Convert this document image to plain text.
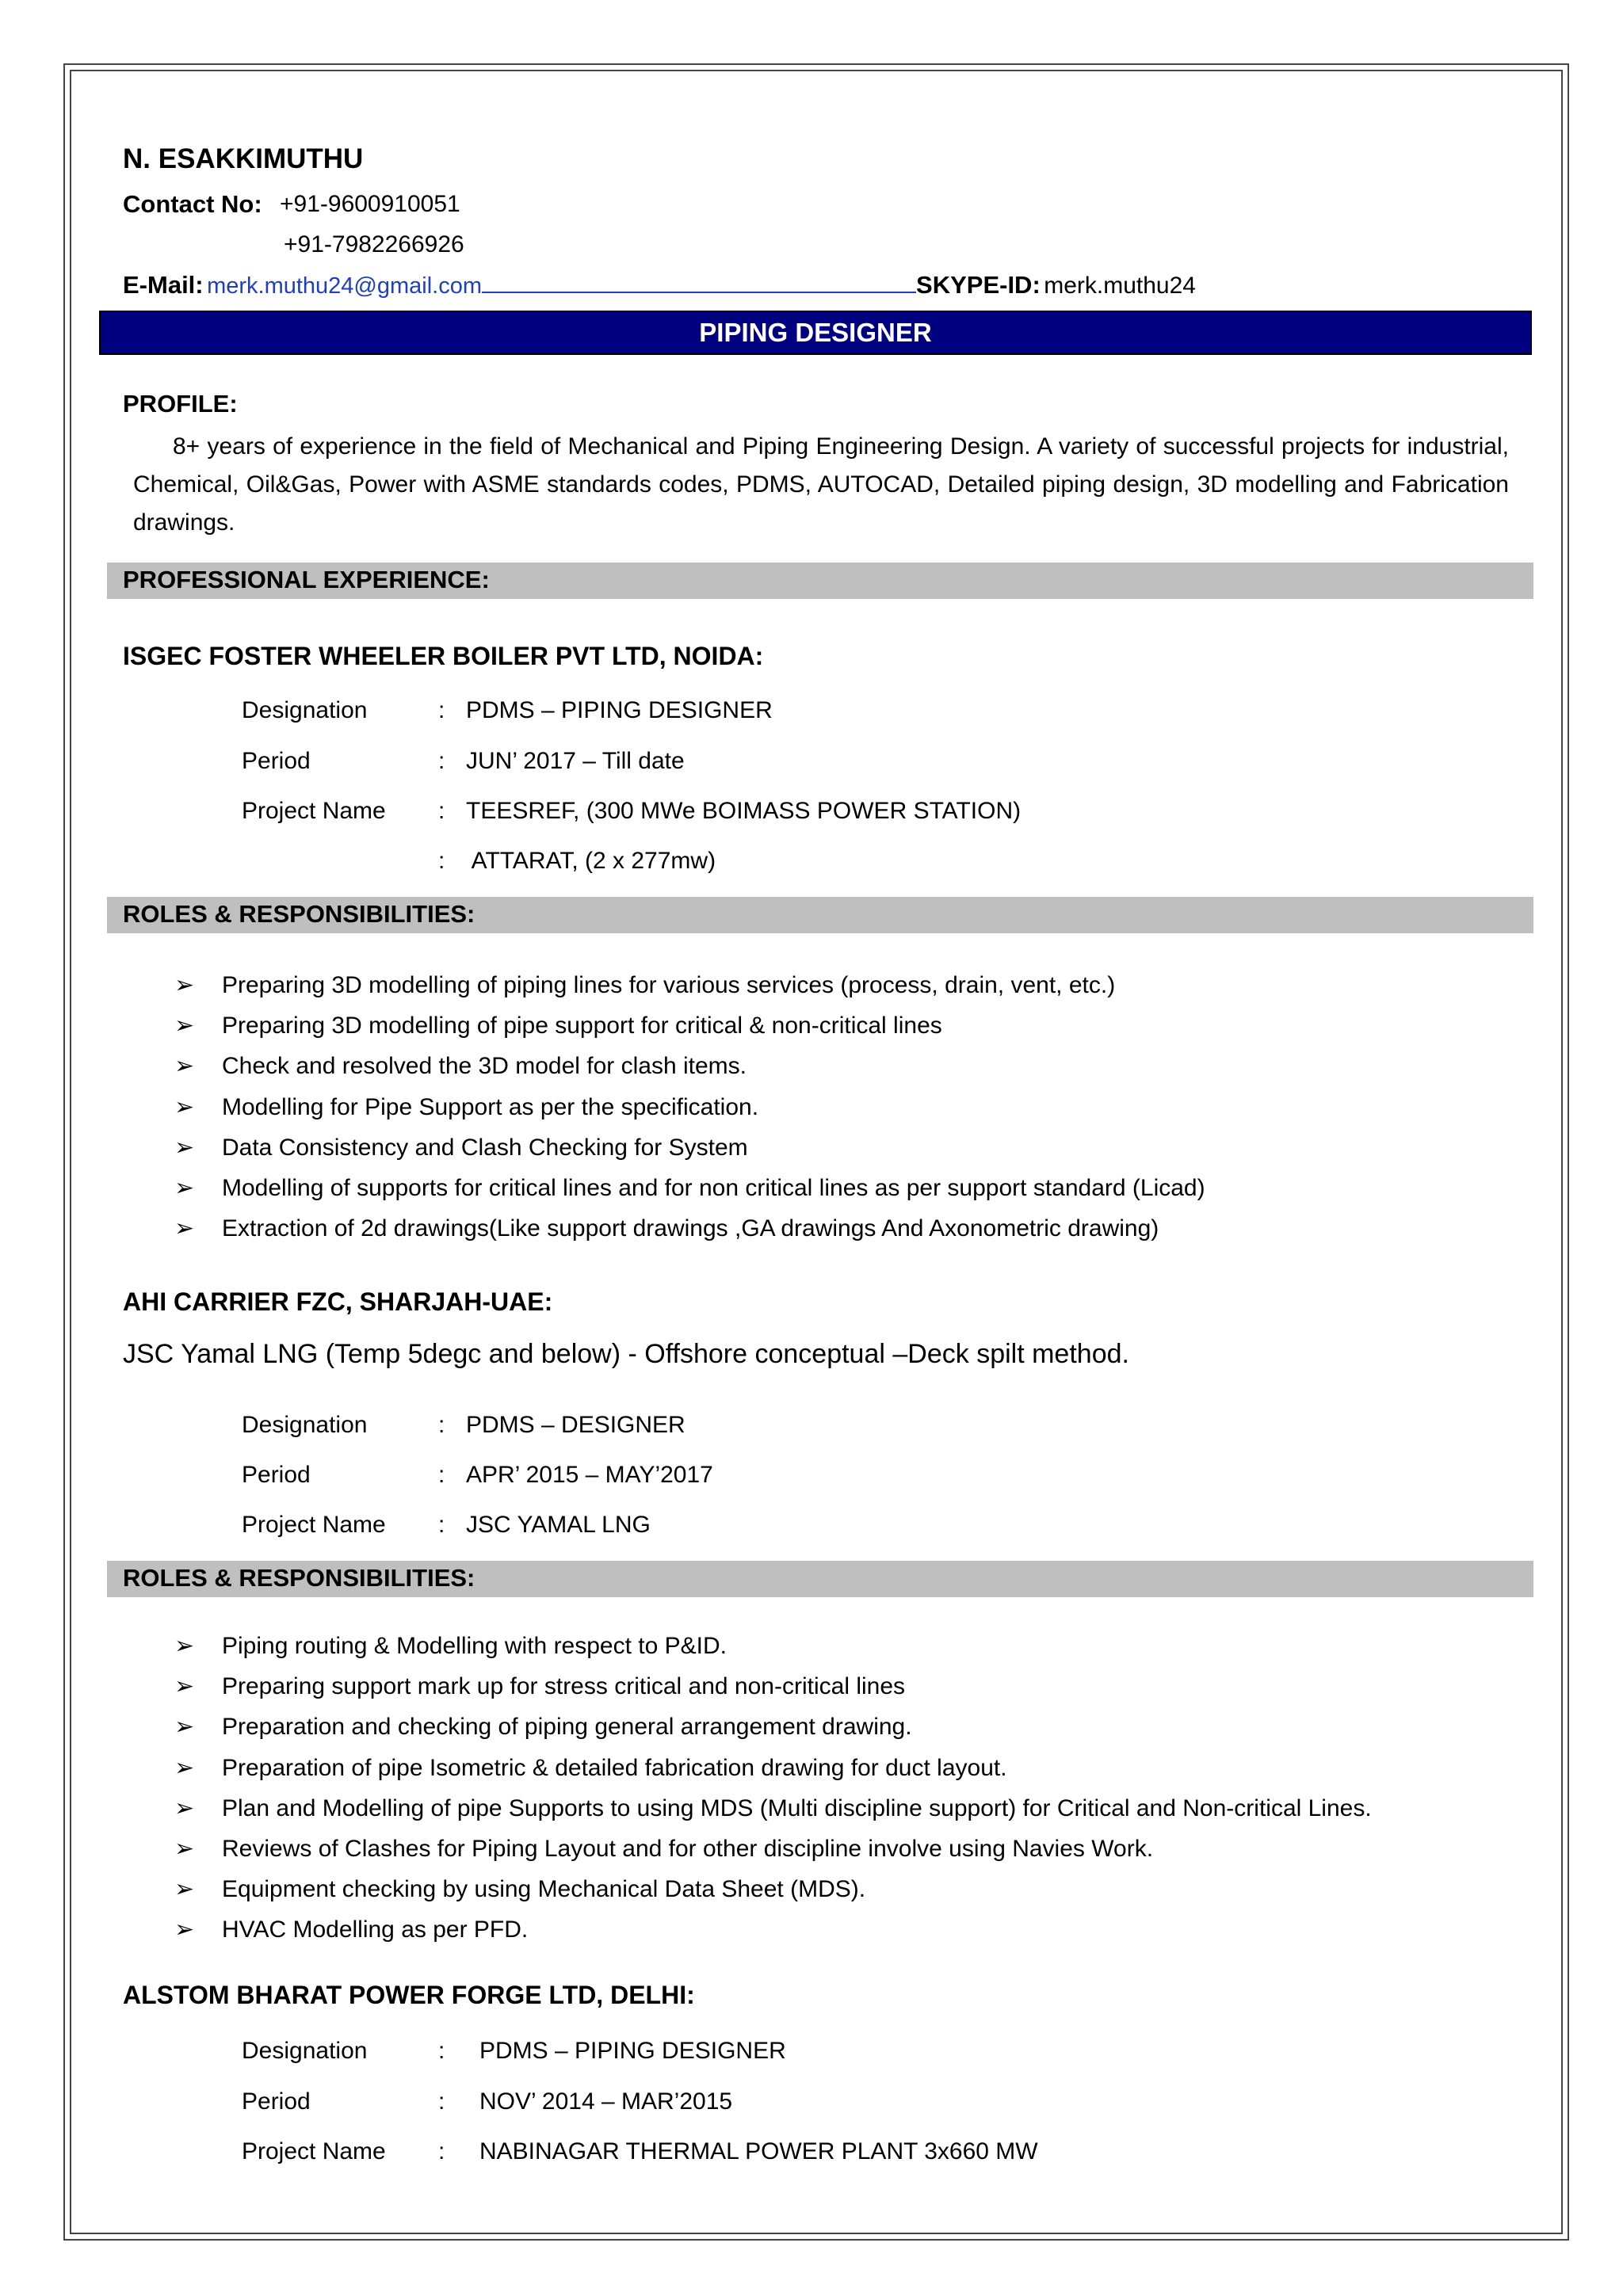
N. ESAKKIMUTHU
Contact No: +91-9600910051
+91-7982266926
E-Mail: merk.muthu24@gmail.com	SKYPE-ID: merk.muthu24
PIPING DESIGNER
PROFILE:

8+ years of experience in the field of Mechanical and Piping Engineering Design. A variety of successful projects for industrial, Chemical, Oil&Gas, Power with ASME standards codes, PDMS, AUTOCAD, Detailed piping design, 3D modelling and Fabrication drawings.

PROFESSIONAL EXPERIENCE:
ISGEC FOSTER WHEELER BOILER PVT LTD, NOIDA:
Designation	: PDMS – PIPING DESIGNER
Period	: JUN’ 2017 – Till date
Project Name : TEESREF, (300 MWe BOIMASS POWER STATION)
: ATTARAT, (2 x 277mw)
ROLES & RESPONSIBILITIES:
➢ Preparing 3D modelling of piping lines for various services (process, drain, vent, etc.)
➢ Preparing 3D modelling of pipe support for critical & non-critical lines
➢ Check and resolved the 3D model for clash items.
➢ Modelling for Pipe Support as per the specification.
➢ Data Consistency and Clash Checking for System
➢ Modelling of supports for critical lines and for non critical lines as per support standard (Licad)
➢ Extraction of 2d drawings(Like support drawings ,GA drawings And Axonometric drawing)
AHI CARRIER FZC, SHARJAH-UAE:
JSC Yamal LNG (Temp 5degc and below) - Offshore conceptual –Deck spilt method.
Designation	: PDMS – DESIGNER
Period	: APR’ 2015 – MAY’2017
Project Name : JSC YAMAL LNG
ROLES & RESPONSIBILITIES:
➢ Piping routing & Modelling with respect to P&ID.
➢ Preparing support mark up for stress critical and non-critical lines
➢ Preparation and checking of piping general arrangement drawing.
➢ Preparation of pipe Isometric & detailed fabrication drawing for duct layout.
➢ Plan and Modelling of pipe Supports to using MDS (Multi discipline support) for Critical and Non-critical Lines.
➢ Reviews of Clashes for Piping Layout and for other discipline involve using Navies Work.
➢ Equipment checking by using Mechanical Data Sheet (MDS).
➢ HVAC Modelling as per PFD.
ALSTOM BHARAT POWER FORGE LTD, DELHI:
Designation	: PDMS – PIPING DESIGNER
Period	: NOV’ 2014 – MAR’2015
Project Name : NABINAGAR THERMAL POWER PLANT 3x660 MW
